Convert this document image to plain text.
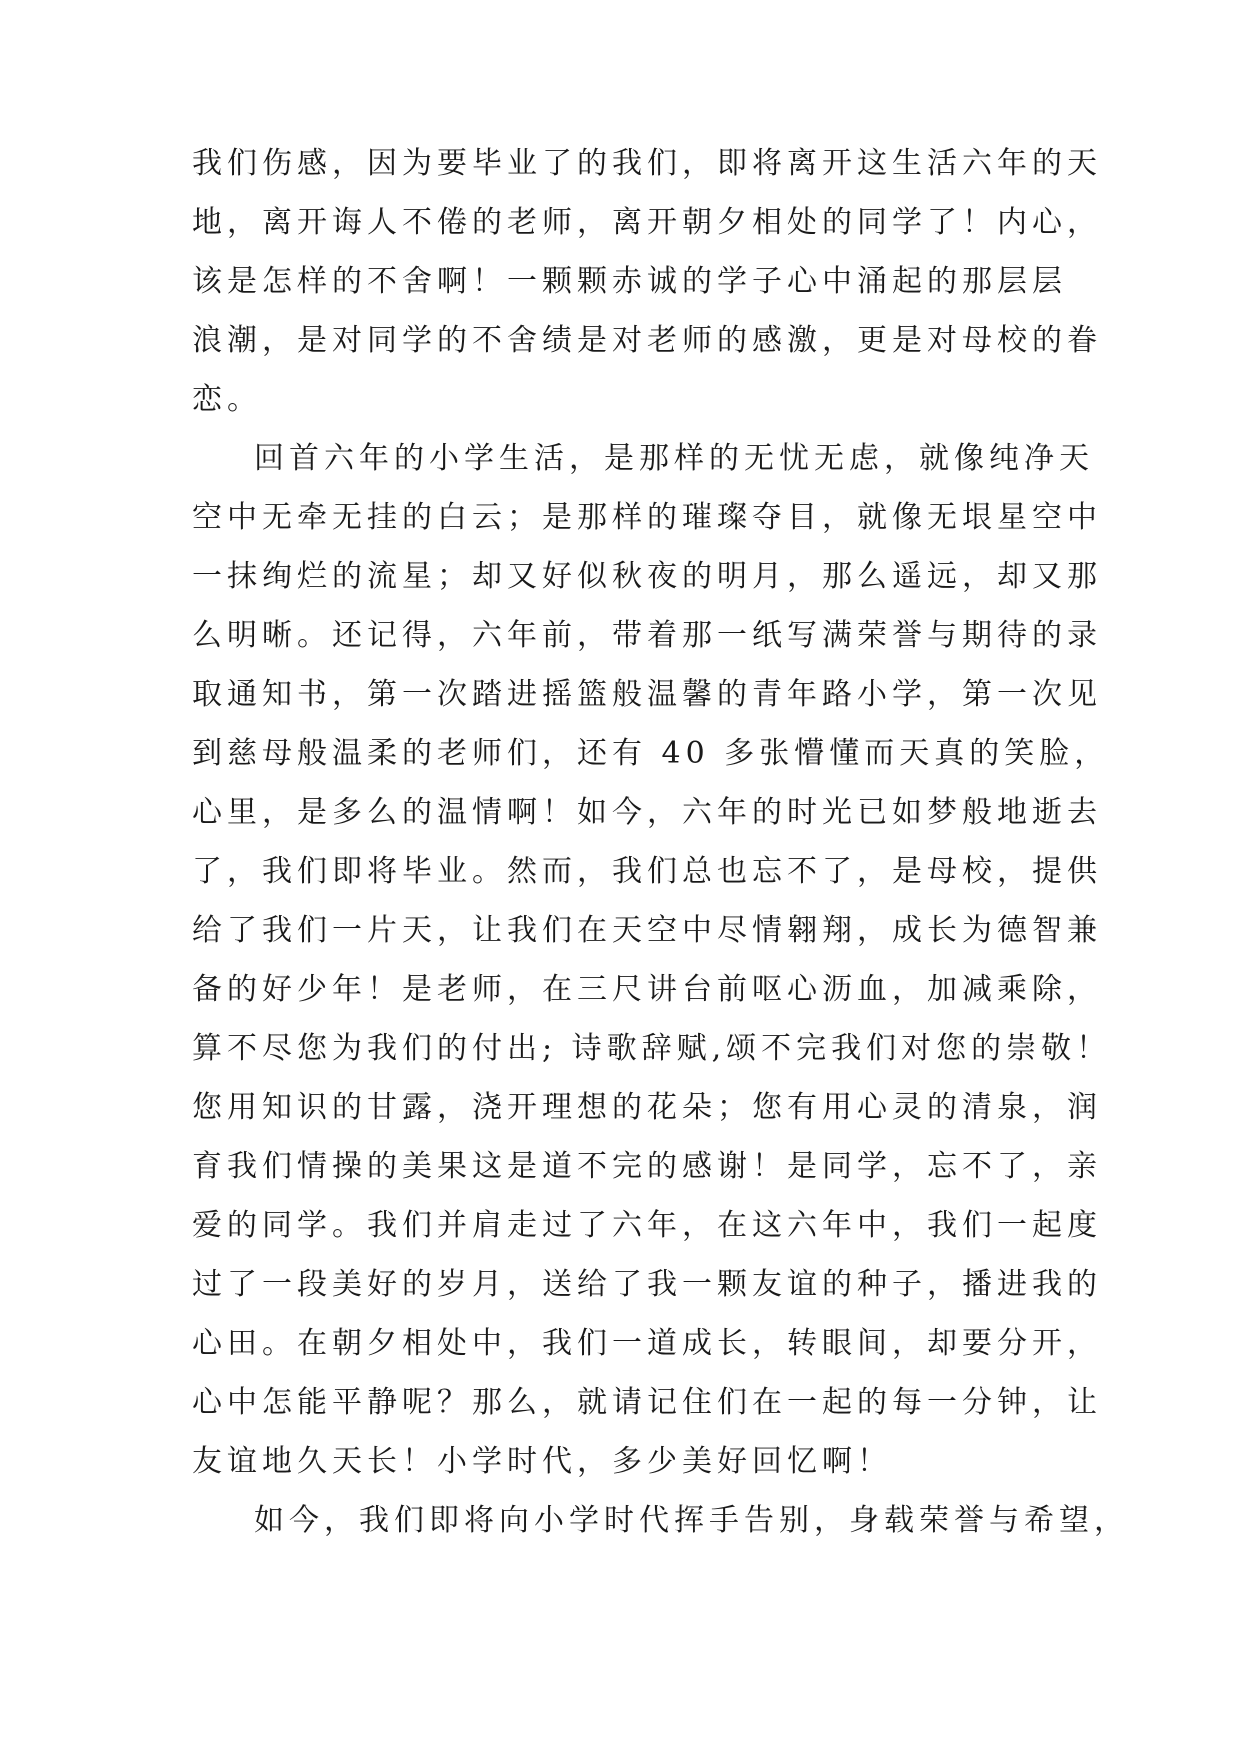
我们伤感，因为要毕业了的我们，即将离开这生活六年的天
地，离开诲人不倦的老师，离开朝夕相处的同学了！内心，
该是怎样的不舍啊！一颗颗赤诚的学子心中涌起的那层层
浪潮，是对同学的不舍绩是对老师的感激，更是对母校的眷
恋。
回首六年的小学生活，是那样的无忧无虑，就像纯净天
空中无牵无挂的白云；是那样的璀璨夺目，就像无垠星空中
一抹绚烂的流星；却又好似秋夜的明月，那么遥远，却又那
么明晰。还记得，六年前，带着那一纸写满荣誉与期待的录
取通知书，第一次踏进摇篮般温馨的青年路小学，第一次见
到慈母般温柔的老师们，还有 40 多张懵懂而天真的笑脸，
心里，是多么的温情啊！如今，六年的时光已如梦般地逝去
了，我们即将毕业。然而，我们总也忘不了，是母校，提供
给了我们一片天，让我们在天空中尽情翱翔，成长为德智兼
备的好少年！是老师，在三尺讲台前呕心沥血，加减乘除，
算不尽您为我们的付出; 诗歌辞赋,颂不完我们对您的崇敬！
您用知识的甘露，浇开理想的花朵；您有用心灵的清泉，润
育我们情操的美果这是道不完的感谢！是同学，忘不了，亲
爱的同学。我们并肩走过了六年，在这六年中，我们一起度
过了一段美好的岁月，送给了我一颗友谊的种子，播进我的
心田。在朝夕相处中，我们一道成长，转眼间，却要分开，
心中怎能平静呢？那么，就请记住们在一起的每一分钟，让
友谊地久天长！小学时代，多少美好回忆啊！
如今，我们即将向小学时代挥手告别，身载荣誉与希望，
